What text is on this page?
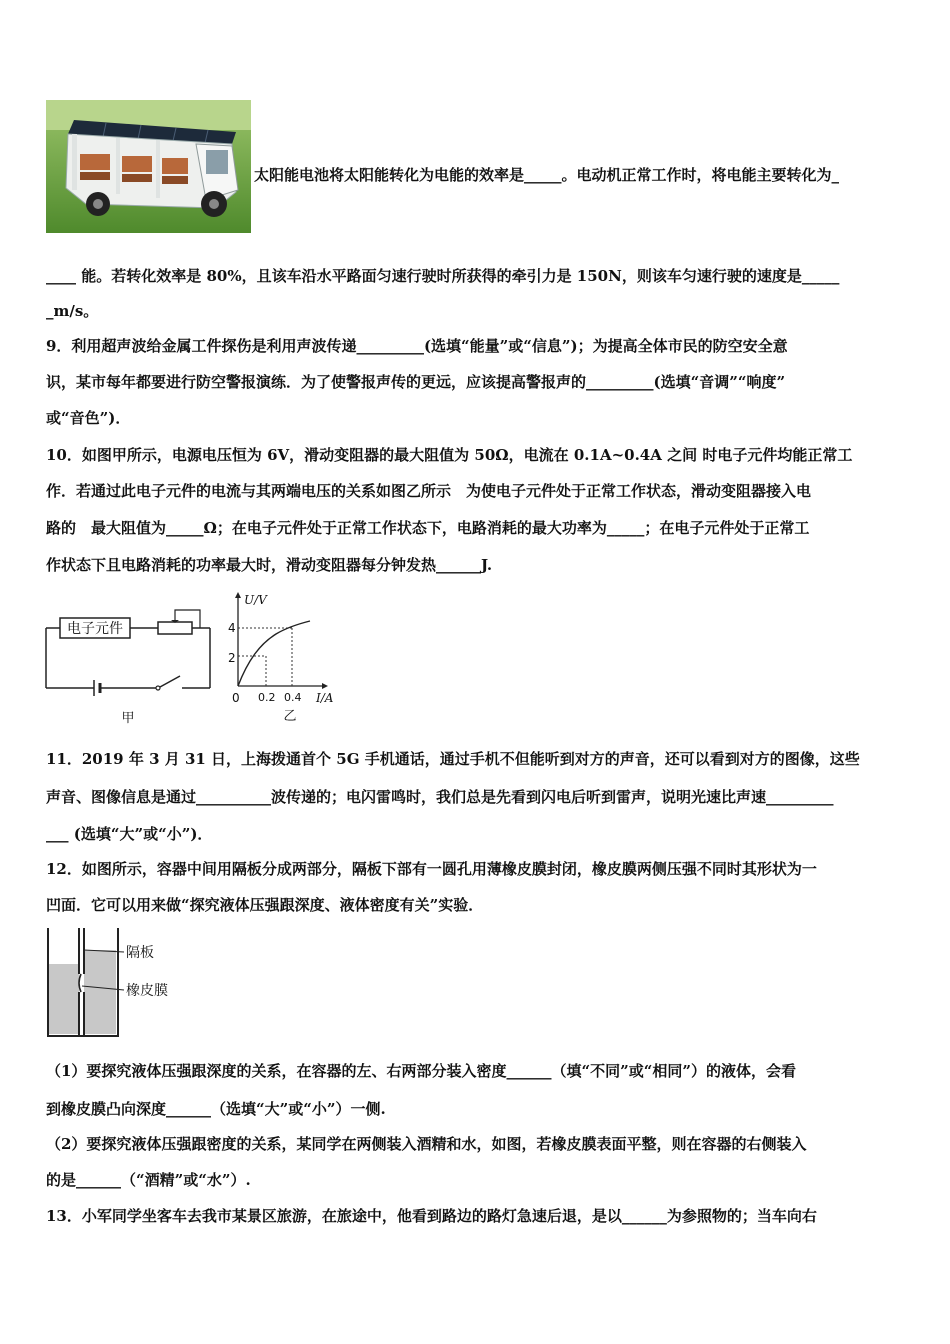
太阳能电池将太阳能转化为电能的效率是_____。电动机正常工作时，将电能主要转化为_
____ 能。若转化效率是 80%，且该车沿水平路面匀速行驶时所获得的牵引力是 150N，则该车匀速行驶的速度是_____
_m/s。
9．利用超声波给金属工件探伤是利用声波传递_________(选填“能量”或“信息”)；为提高全体市民的防空安全意
识，某市每年都要进行防空警报演练．为了使警报声传的更远，应该提高警报声的_________(选填“音调”“响度”
或“音色”)．
10．如图甲所示，电源电压恒为 6V，滑动变阻器的最大阻值为 50Ω，电流在 0.1A~0.4A 之间 时电子元件均能正常工
作．若通过此电子元件的电流与其两端电压的关系如图乙所示　为使电子元件处于正常工作状态，滑动变阻器接入电
路的　最大阻值为_____Ω；在电子元件处于正常工作状态下，电路消耗的最大功率为_____；在电子元件处于正常工
作状态下且电路消耗的功率最大时，滑动变阻器每分钟发热______J.
电子元件
甲
U/V
I/A
0
4
2
0.2 0.4
乙
11．2019 年 3 月 31 日，上海拨通首个 5G 手机通话，通过手机不但能听到对方的声音，还可以看到对方的图像，这些
声音、图像信息是通过__________波传递的；电闪雷鸣时，我们总是先看到闪电后听到雷声，说明光速比声速_________
___ (选填“大”或“小”)．
12．如图所示，容器中间用隔板分成两部分，隔板下部有一圆孔用薄橡皮膜封闭，橡皮膜两侧压强不同时其形状为一
凹面．它可以用来做“探究液体压强跟深度、液体密度有关”实验．
隔板
橡皮膜
（1）要探究液体压强跟深度的关系，在容器的左、右两部分装入密度______（填“不同”或“相同”）的液体，会看
到橡皮膜凸向深度______（选填“大”或“小”）一侧.
（2）要探究液体压强跟密度的关系，某同学在两侧装入酒精和水，如图，若橡皮膜表面平整，则在容器的右侧装入
的是______（“酒精”或“水”）.
13．小军同学坐客车去我市某景区旅游，在旅途中，他看到路边的路灯急速后退，是以______为参照物的；当车向右
